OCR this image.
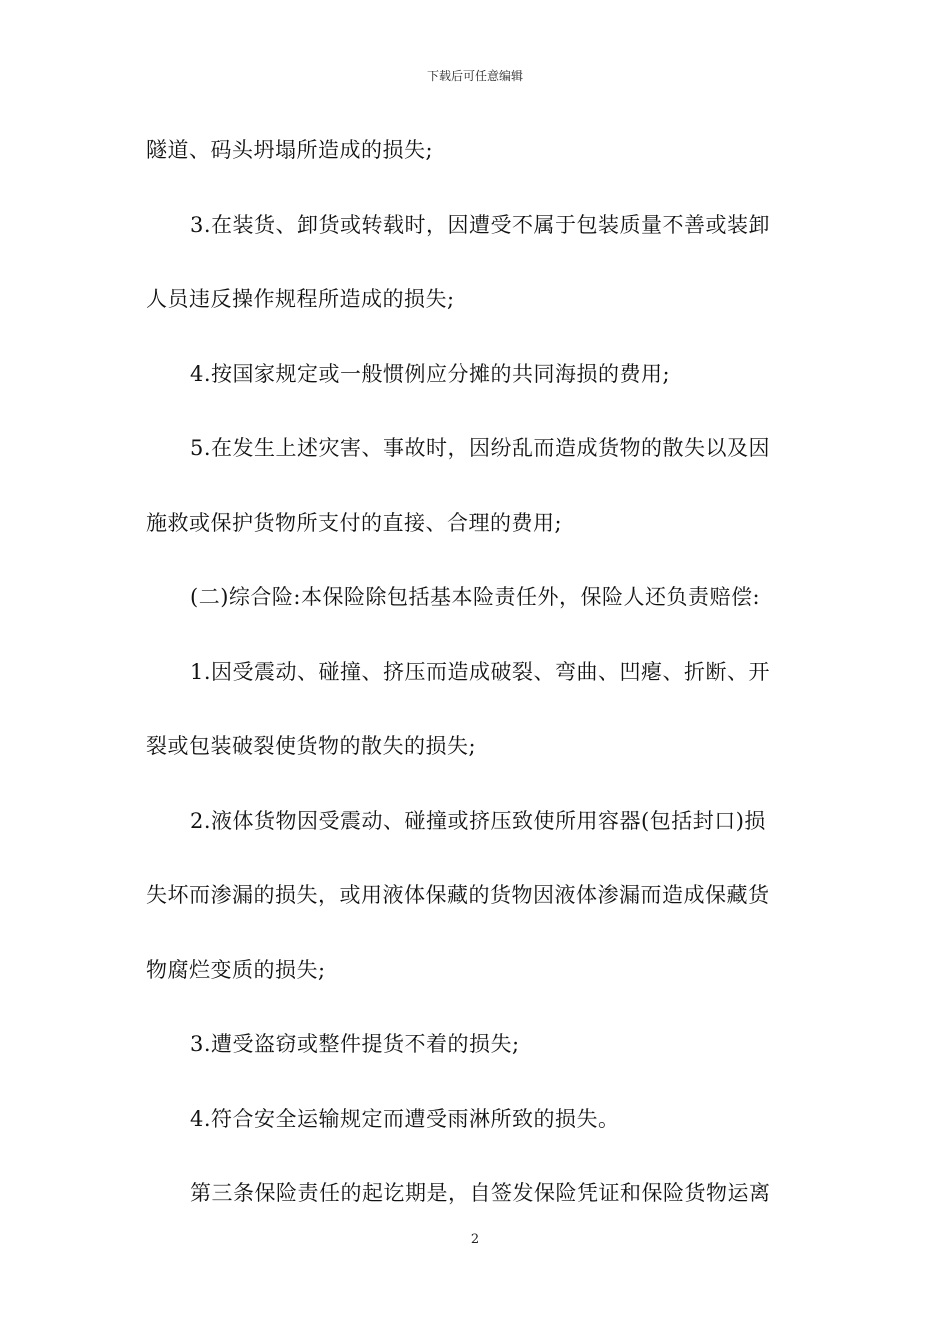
下载后可任意编辑
隧道、码头坍塌所造成的损失;
3.在装货、卸货或转载时，因遭受不属于包装质量不善或装卸
人员违反操作规程所造成的损失;
4.按国家规定或一般惯例应分摊的共同海损的费用;
5.在发生上述灾害、事故时，因纷乱而造成货物的散失以及因
施救或保护货物所支付的直接、合理的费用;
(二)综合险:本保险除包括基本险责任外，保险人还负责赔偿:
1.因受震动、碰撞、挤压而造成破裂、弯曲、凹瘪、折断、开
裂或包装破裂使货物的散失的损失;
2.液体货物因受震动、碰撞或挤压致使所用容器(包括封口)损
失坏而渗漏的损失，或用液体保藏的货物因液体渗漏而造成保藏货
物腐烂变质的损失;
3.遭受盗窃或整件提货不着的损失;
4.符合安全运输规定而遭受雨淋所致的损失。
第三条保险责任的起讫期是，自签发保险凭证和保险货物运离
2
